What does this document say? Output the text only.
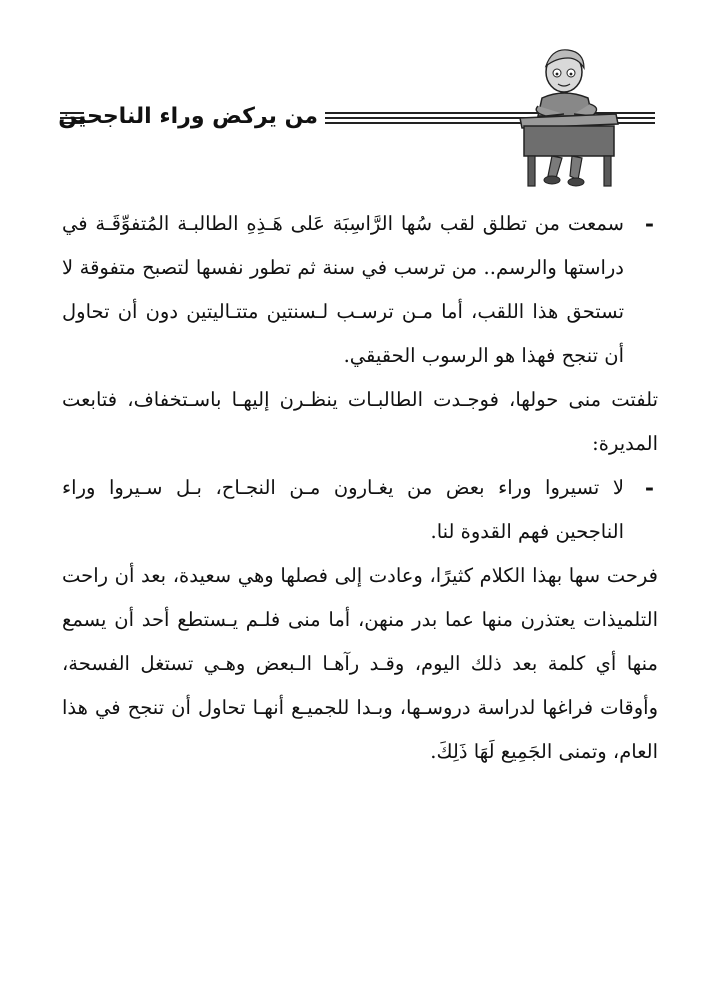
من يركض وراء الناجحين

-
سمعت من تطلق لقب سُها الرَّاسِبَة عَلى هَـذِهِ الطالبـة المُتفوِّقَـة في دراستها والرسم.. من ترسب في سنة ثم تطور نفسها لتصبح متفوقة لا تستحق هذا اللقب، أما مـن ترسـب لـسنتين متتـاليتين دون أن تحاول أن تنجح فهذا هو الرسوب الحقيقي.

تلفتت منى حولها، فوجـدت الطالبـات ينظـرن إليهـا باسـتخفاف، فتابعت المديرة:

-
لا تسيروا وراء بعض من يغـارون مـن النجـاح، بـل سـيروا وراء الناجحين فهم القدوة لنا.

فرحت سها بهذا الكلام كثيرًا، وعادت إلى فصلها وهي سعيدة، بعد أن راحت التلميذات يعتذرن منها عما بدر منهن، أما منى فلـم يـستطع أحد أن يسمع منها أي كلمة بعد ذلك اليوم، وقـد رآهـا الـبعض وهـي تستغل الفسحة، وأوقات فراغها لدراسة دروسـها، وبـدا للجميـع أنهـا تحاول أن تنجح في هذا العام، وتمنى الجَمِيع لَهَا ذَلِكَ.
